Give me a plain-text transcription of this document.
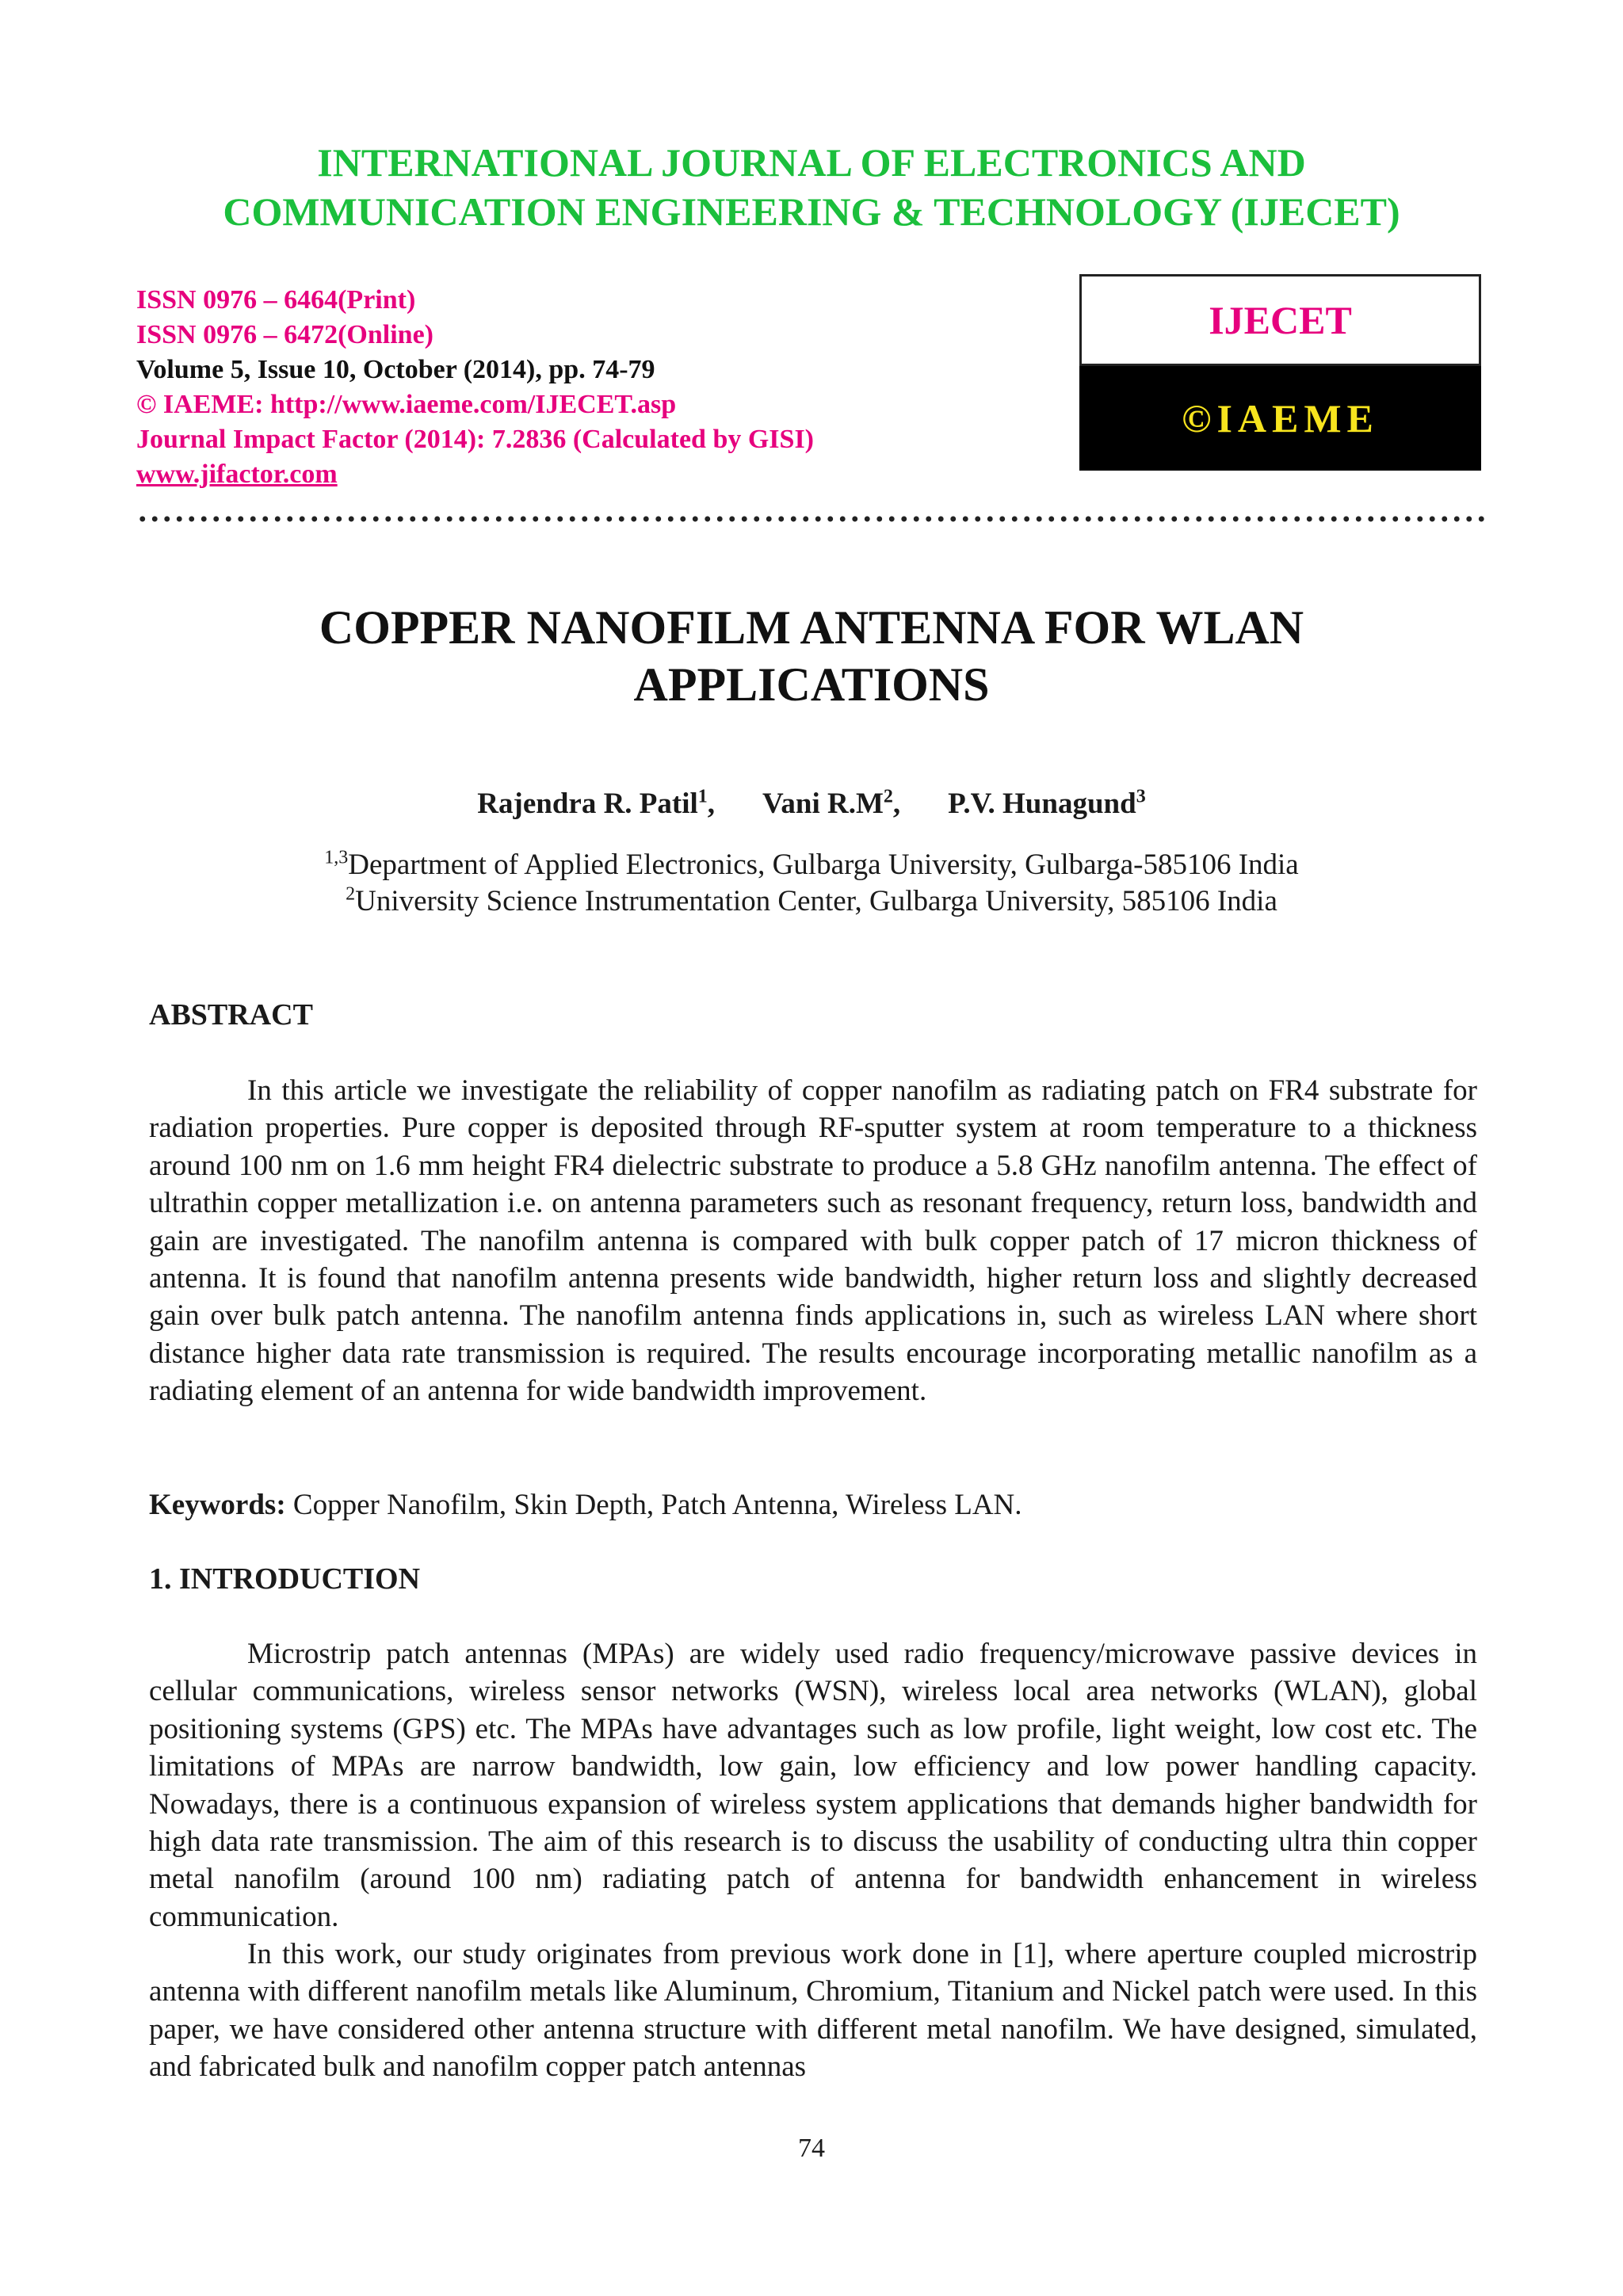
INTERNATIONAL JOURNAL OF ELECTRONICS AND
COMMUNICATION ENGINEERING & TECHNOLOGY (IJECET)
ISSN 0976 – 6464(Print)
ISSN 0976 – 6472(Online)
Volume 5, Issue 10, October (2014), pp. 74-79
© IAEME: http://www.iaeme.com/IJECET.asp
Journal Impact Factor (2014): 7.2836 (Calculated by GISI)
www.jifactor.com
IJECET
©IAEME
COPPER NANOFILM ANTENNA FOR WLAN
APPLICATIONS
Rajendra R. Patil$^1$, Vani $R.M^2$, P.V. Hunagund$^3$
$^{1,3}$Department of Applied Electronics, Gulbarga University, Gulbarga-585106 India
$^2$University Science Instrumentation Center, Gulbarga University, 585106 India
ABSTRACT
In this article we investigate the reliability of copper nanofilm as radiating patch on FR4 substrate for radiation properties. Pure copper is deposited through RF-sputter system at room temperature to a thickness around 100 nm on 1.6 mm height FR4 dielectric substrate to produce a 5.8 GHz nanofilm antenna. The effect of ultrathin copper metallization i.e. on antenna parameters such as resonant frequency, return loss, bandwidth and gain are investigated. The nanofilm antenna is compared with bulk copper patch of 17 micron thickness of antenna. It is found that nanofilm antenna presents wide bandwidth, higher return loss and slightly decreased gain over bulk patch antenna. The nanofilm antenna finds applications in, such as wireless LAN where short distance higher data rate transmission is required. The results encourage incorporating metallic nanofilm as a radiating element of an antenna for wide bandwidth improvement.
Keywords: Copper Nanofilm, Skin Depth, Patch Antenna, Wireless LAN.
1. INTRODUCTION
Microstrip patch antennas (MPAs) are widely used radio frequency/microwave passive devices in cellular communications, wireless sensor networks (WSN), wireless local area networks (WLAN), global positioning systems (GPS) etc. The MPAs have advantages such as low profile, light weight, low cost etc. The limitations of MPAs are narrow bandwidth, low gain, low efficiency and low power handling capacity. Nowadays, there is a continuous expansion of wireless system applications that demands higher bandwidth for high data rate transmission. The aim of this research is to discuss the usability of conducting ultra thin copper metal nanofilm (around 100 nm) radiating patch of antenna for bandwidth enhancement in wireless communication.
In this work, our study originates from previous work done in [1], where aperture coupled microstrip antenna with different nanofilm metals like Aluminum, Chromium, Titanium and Nickel patch were used. In this paper, we have considered other antenna structure with different metal nanofilm. We have designed, simulated, and fabricated bulk and nanofilm copper patch antennas
74
